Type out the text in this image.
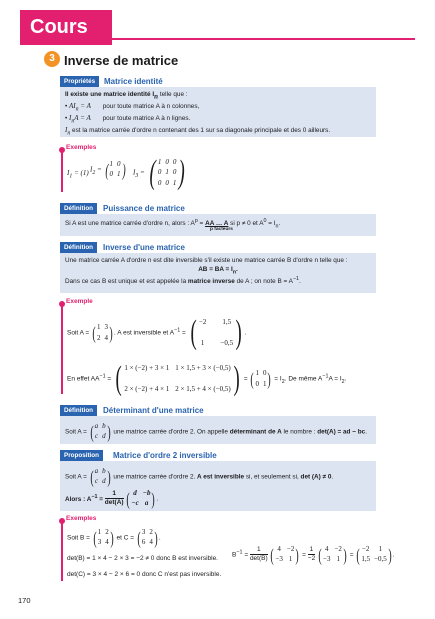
Cours
3 Inverse de matrice
Propriétés	Matrice identité
Il existe une matrice identité $I_n$ telle que :
• $AI_n = A$ pour toute matrice A à n colonnes,
• $I_nA = A$ pour toute matrice A à n lignes.
$I_n$ est la matrice carrée d'ordre n contenant des 1 sur sa diagonale principale et des 0 ailleurs.
Exemples
$I_1 = (1) I_2$ = ( 1 0
0 1 ) $I_3$ = ( 1 0 0
0 1 0
0 0 1 )
Définition	Puissance de matrice
Si A est une matrice carrée d'ordre n, alors : $A^p$ = AA … A si p ≠ 0 et $A^0 = I_n$.
p facteurs
Définition	Inverse d'une matrice
Une matrice carrée A d'ordre n est dite inversible s'il existe une matrice carrée B d'ordre n telle que :
AB = BA = $I_n$.
Dans ce cas B est unique et est appelée la matrice inverse de A ; on note $B = A^{-1}$.
Exemple
Soit A = ( 1 3
2 4 ) . A est inversible et $A^{-1}$ = ( −2 1,5
1 −0,5 ) .
En effet $AA^{-1}$ = ( 1 × (−2) + 3 × 1 1 × 1,5 + 3 × (−0,5)
2 × (−2) + 4 × 1 2 × 1,5 + 4 × (−0,5) ) = ( 1 0
0 1 ) = $I_2$. De même $A^{-1}A = I_2$.
Définition	Déterminant d'une matrice
Soit A = ( a b
c d ) une matrice carrée d'ordre 2. On appelle déterminant de A le nombre : det(A) = ad − bc.
Proposition	Matrice d'ordre 2 inversible
Soit A = ( a b
c d ) une matrice carrée d'ordre 2. A est inversible si, et seulement si, det (A) ≠ 0.
Alors : $A^{-1} = \frac{1}{\det(A)}$
( d −b
−c a ) .
Exemples
Soit B = ( 1 2
3 4 ) et C = ( 3 2
6 4 ) .
det(B) = 1 × 4 − 2 × 3 = −2 ≠ 0 donc B est inversible. $B^{-1} = \frac{1}{\det(B)}$
( 4 −2
−3 1 ) = $\frac{1}{-2}$
( 4 −2
−3 1 ) = ( −2	1
1,5 −0,5 ) .
det(C) = 3 × 4 − 2 × 6 = 0 donc C n'est pas inversible.
170
